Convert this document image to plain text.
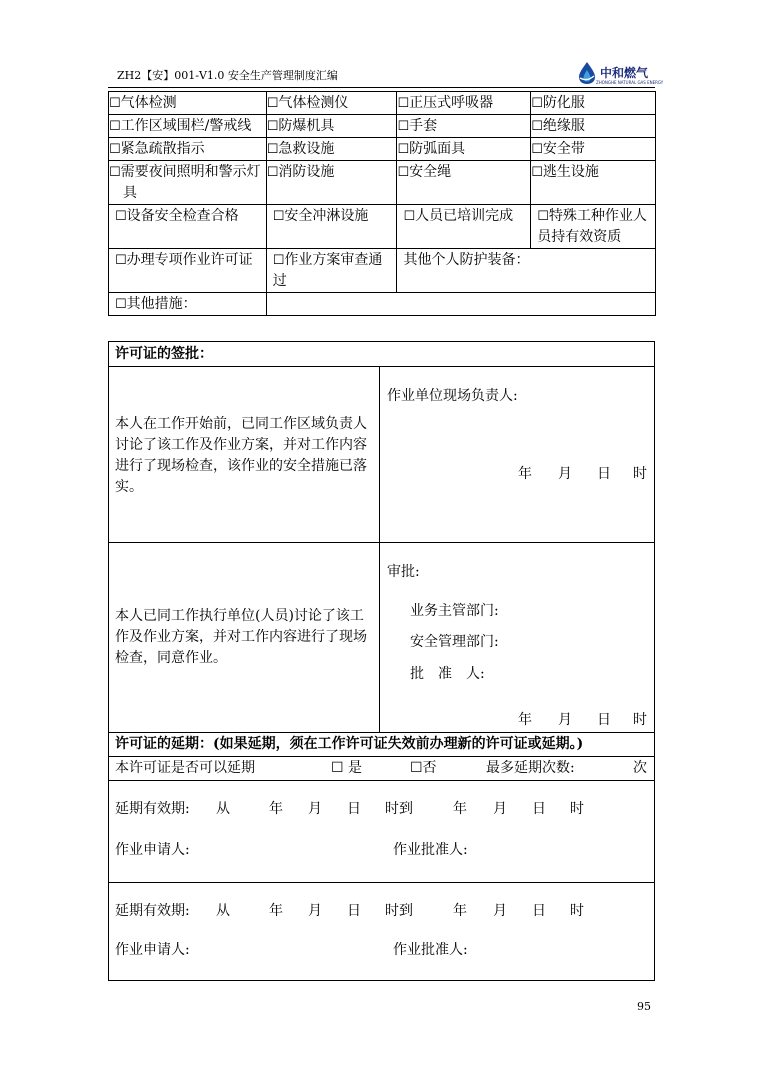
ZH2【安】001-V1.0 安全生产管理制度汇编	中和燃气
ZHONGHE NATURAL GAS ENERGY
☐气体检测	☐气体检测仪	☐正压式呼吸器	☐防化服
☐工作区域围栏/警戒线	☐防爆机具	☐手套	☐绝缘服
☐紧急疏散指示	☐急救设施	☐防弧面具	☐安全带
☐需要夜间照明和警示灯具	☐消防设施	☐安全绳	☐逃生设施
☐设备安全检查合格	☐安全冲淋设施	☐人员已培训完成	☐特殊工种作业人员持有效资质
☐办理专项作业许可证	☐作业方案审查通过	其他个人防护装备：	
☐其他措施：			
许可证的签批：
本人在工作开始前，已同工作区域负责人讨论了该工作及作业方案，并对工作内容进行了现场检查，该作业的安全措施已落实。
作业单位现场负责人:
年 月 日 时
本人已同工作执行单位(人员)讨论了该工作及作业方案，并对工作内容进行了现场检查，同意作业。
审批:
业务主管部门:
安全管理部门:
批　准　人:
年 月 日 时
许可证的延期：(如果延期，须在工作许可证失效前办理新的许可证或延期。)
本许可证是否可以延期	☐ 是	☐否	最多延期次数:	次
延期有效期: 从	年 月 日 时到	年 月 日 时
作业申请人:	作业批准人:
延期有效期: 从	年 月 日 时到	年 月 日 时
作业申请人:	作业批准人:
95
